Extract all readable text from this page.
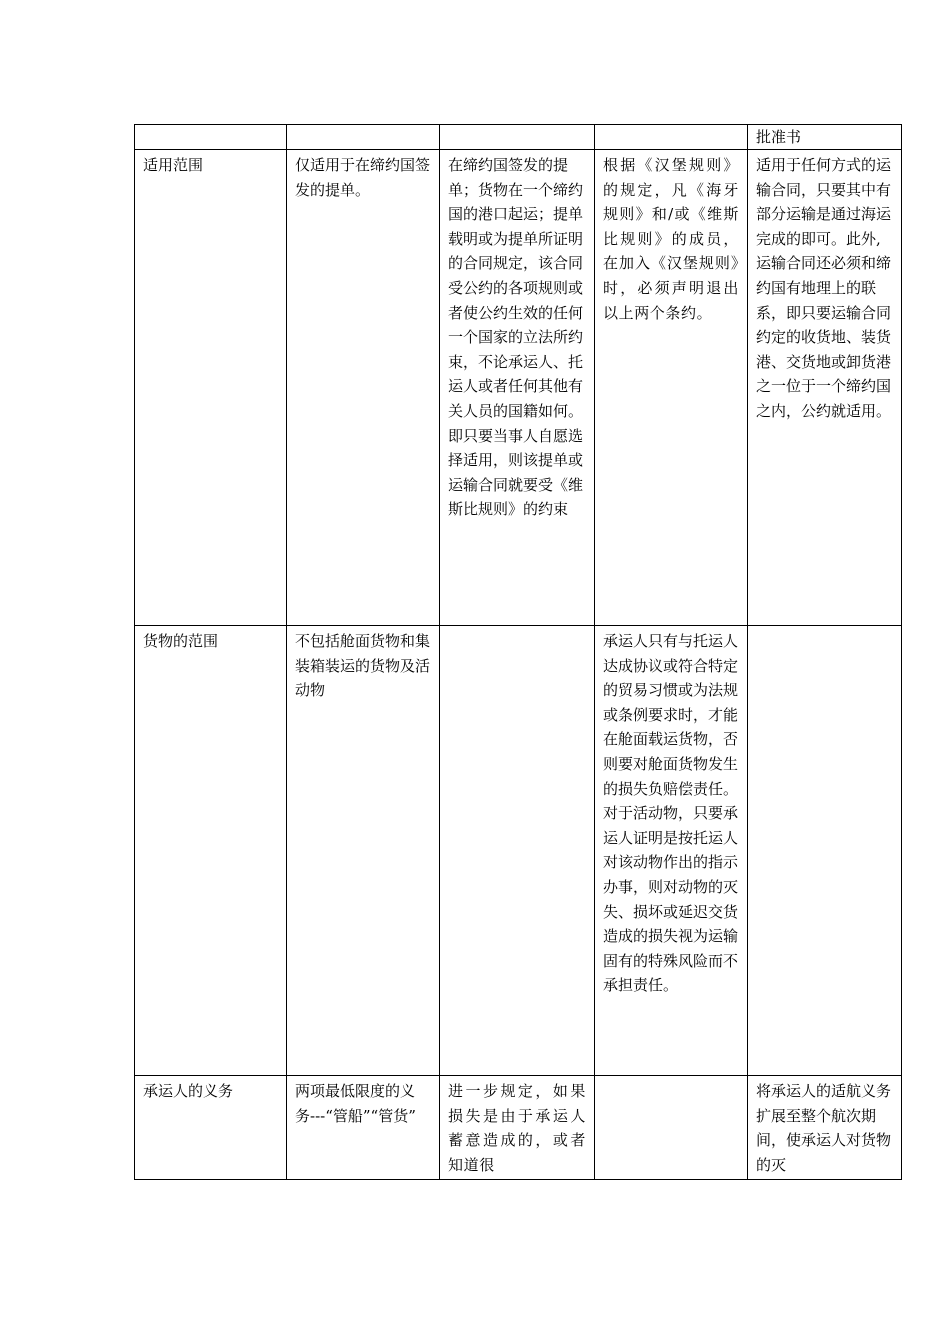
				批准书
适用范围	仅适用于在缔约国签发的提单。	在缔约国签发的提单；货物在一个缔约国的港口起运；提单载明或为提单所证明的合同规定，该合同受公约的各项规则或者使公约生效的任何一个国家的立法所约束，不论承运人、托运人或者任何其他有关人员的国籍如何。即只要当事人自愿选择适用，则该提单或运输合同就要受《维斯比规则》的约束	根据《汉堡规则》的规定，凡《海牙规则》和/或《维斯比规则》的成员，在加入《汉堡规则》时，必须声明退出以上两个条约。	适用于任何方式的运输合同，只要其中有部分运输是通过海运完成的即可。此外,运输合同还必须和缔约国有地理上的联系，即只要运输合同约定的收货地、装货港、交货地或卸货港之一位于一个缔约国之内，公约就适用。
货物的范围	不包括舱面货物和集装箱装运的货物及活动物		承运人只有与托运人达成协议或符合特定的贸易习惯或为法规或条例要求时，才能在舱面载运货物，否则要对舱面货物发生的损失负赔偿责任。对于活动物，只要承运人证明是按托运人对该动物作出的指示办事，则对动物的灭失、损坏或延迟交货造成的损失视为运输固有的特殊风险而不承担责任。	
承运人的义务	两项最低限度的义务---“管船”“管货”	进一步规定，如果损失是由于承运人蓄意造成的，或者知道很		将承运人的适航义务扩展至整个航次期间，使承运人对货物的灭
